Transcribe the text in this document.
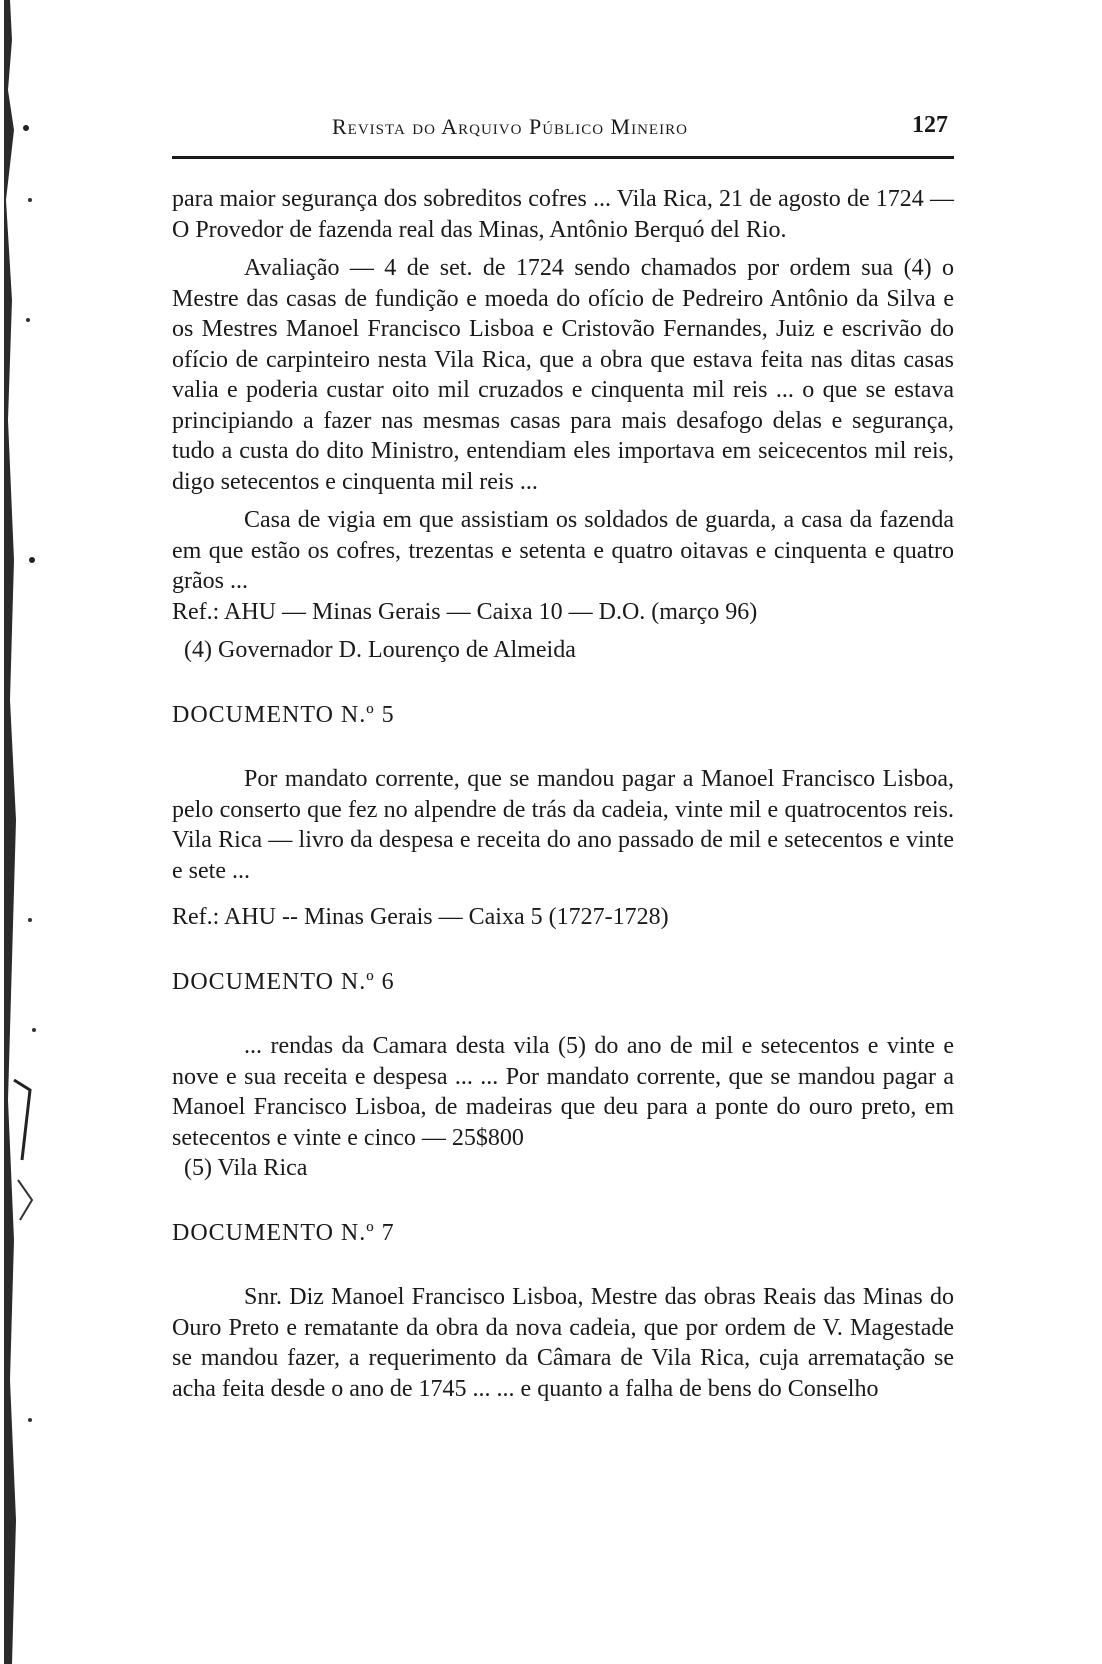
Revista do Arquivo Público Mineiro	127

para maior segurança dos sobreditos cofres ... Vila Rica, 21 de agosto de 1724 — O Provedor de fazenda real das Minas, Antônio Berquó del Rio.

Avaliação — 4 de set. de 1724 sendo chamados por ordem sua (4) o Mestre das casas de fundição e moeda do ofício de Pedreiro Antônio da Silva e os Mestres Manoel Francisco Lisboa e Cristovão Fernandes, Juiz e escrivão do ofício de carpinteiro nesta Vila Rica, que a obra que estava feita nas ditas casas valia e poderia custar oito mil cruzados e cinquenta mil reis ... o que se estava principiando a fazer nas mesmas casas para mais desafogo delas e segurança, tudo a custa do dito Ministro, entendiam eles importava em seicecentos mil reis, digo setecentos e cinquenta mil reis ...

Casa de vigia em que assistiam os soldados de guarda, a casa da fazenda em que estão os cofres, trezentas e setenta e quatro oitavas e cinquenta e quatro grãos ...

Ref.: AHU — Minas Gerais — Caixa 10 — D.O. (março 96)

(4) Governador D. Lourenço de Almeida

DOCUMENTO N.º 5

Por mandato corrente, que se mandou pagar a Manoel Francisco Lisboa, pelo conserto que fez no alpendre de trás da cadeia, vinte mil e quatrocentos reis. Vila Rica — livro da despesa e receita do ano passado de mil e setecentos e vinte e sete ...

Ref.: AHU -- Minas Gerais — Caixa 5 (1727-1728)

DOCUMENTO N.º 6

... rendas da Camara desta vila (5) do ano de mil e setecentos e vinte e nove e sua receita e despesa ... ... Por mandato corrente, que se mandou pagar a Manoel Francisco Lisboa, de madeiras que deu para a ponte do ouro preto, em setecentos e vinte e cinco — 25$800

(5) Vila Rica

DOCUMENTO N.º 7

Snr. Diz Manoel Francisco Lisboa, Mestre das obras Reais das Minas do Ouro Preto e rematante da obra da nova cadeia, que por ordem de V. Magestade se mandou fazer, a requerimento da Câmara de Vila Rica, cuja arrematação se acha feita desde o ano de 1745 ... ... e quanto a falha de bens do Conselho
